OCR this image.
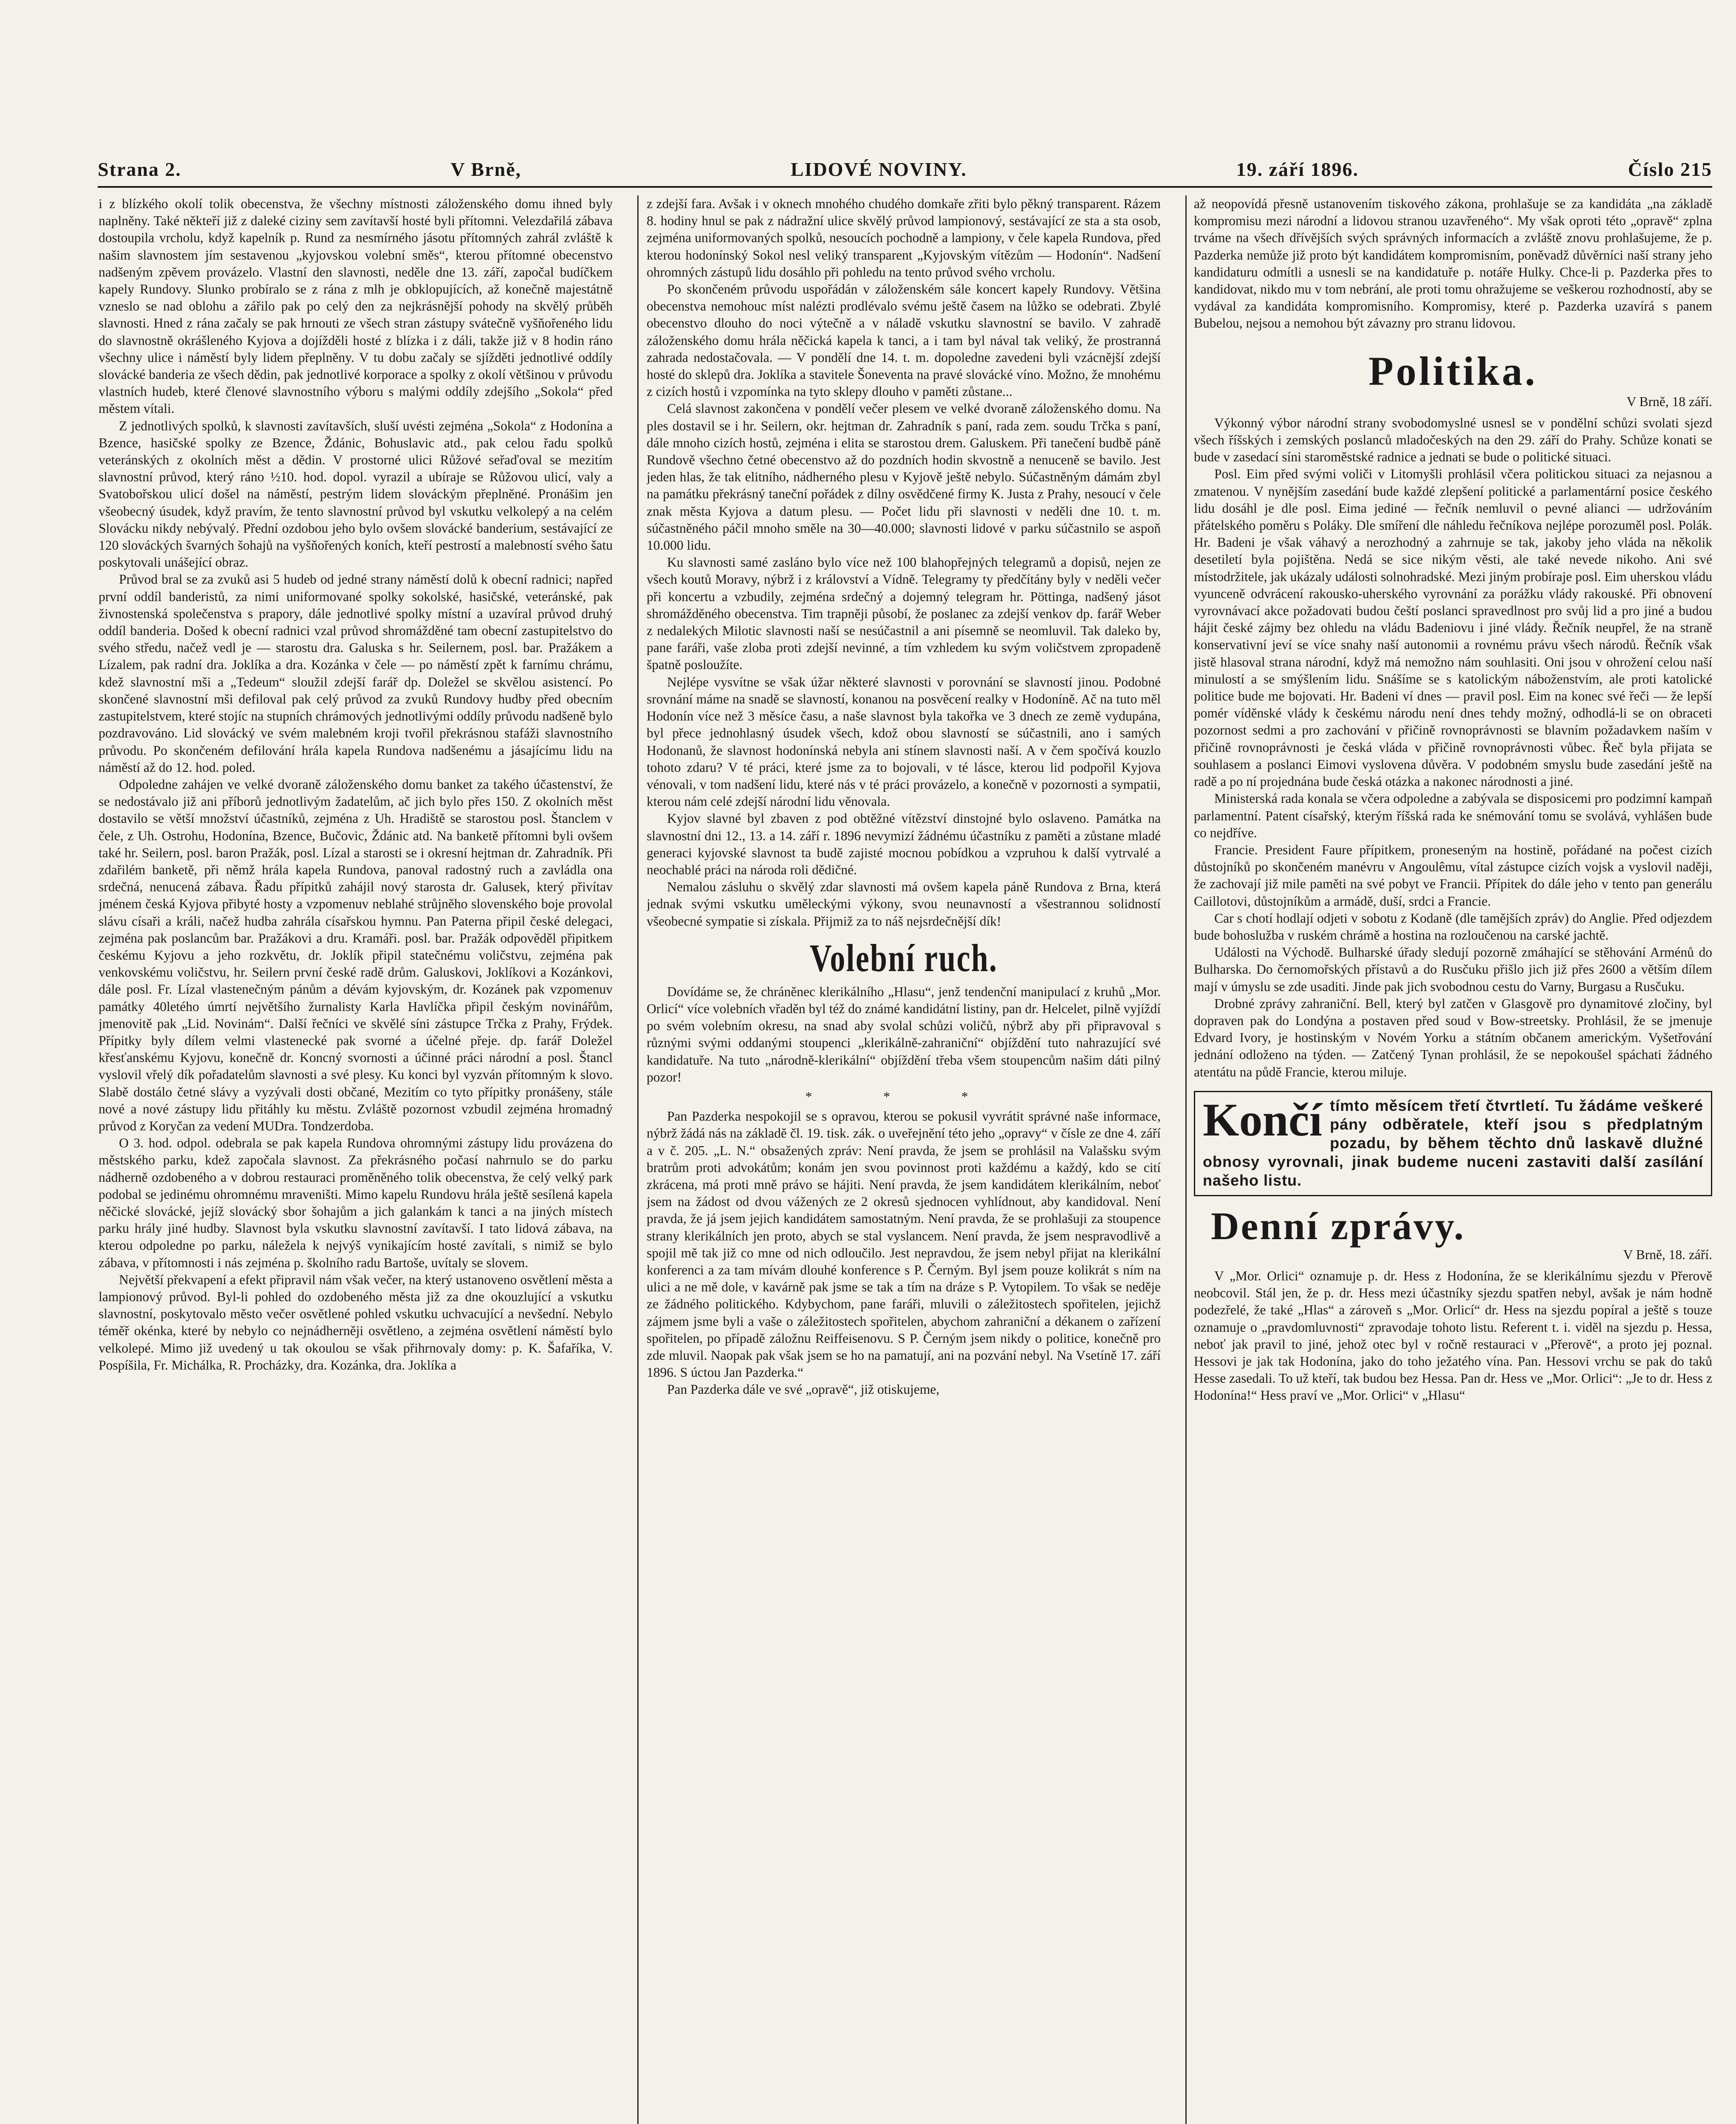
Strana 2.	V Brně,	LIDOVÉ NOVINY.	19. září 1896.	Číslo 215

i z blízkého okolí tolik obecenstva, že všechny místnosti záloženského domu ihned byly naplněny. Také někteří již z daleké ciziny sem zavítavší hosté byli přítomni. Velezdařilá zábava dostoupila vrcholu, když kapelník p. Rund za nesmírného jásotu přítomných zahrál zvláště k našim slavnostem jím sestavenou „kyjovskou volební směs“, kterou přítomné obecenstvo nadšeným zpěvem provázelo. Vlastní den slavnosti, neděle dne 13. září, započal budíčkem kapely Rundovy. Slunko probíralo se z rána z mlh je obklopujících, až konečně majestátně vzneslo se nad oblohu a zářilo pak po celý den za nejkrásnější pohody na skvělý průběh slavnosti. Hned z rána začaly se pak hrnouti ze všech stran zástupy svátečně vyšňořeného lidu do slavnostně okrášleného Kyjova a dojížděli hosté z blízka i z dáli, takže již v 8 hodin ráno všechny ulice i náměstí byly lidem přeplněny. V tu dobu začaly se sjížděti jednotlivé oddíly slovácké banderia ze všech dědin, pak jednotlivé korporace a spolky z okolí většinou v průvodu vlastních hudeb, které členové slavnostního výboru s malými oddíly zdejšího „Sokola“ před městem vítali.

Z jednotlivých spolků, k slavnosti zavítavších, sluší uvésti zejména „Sokola“ z Hodonína a Bzence, hasičské spolky ze Bzence, Ždánic, Bohuslavic atd., pak celou řadu spolků veteránských z okolních měst a dědin. V prostorné ulici Růžové seřaďoval se mezitím slavnostní průvod, který ráno ½10. hod. dopol. vyrazil a ubíraje se Růžovou ulicí, valy a Svatobořskou ulicí došel na náměstí, pestrým lidem slováckým přeplněné. Pronášim jen všeobecný úsudek, když pravím, že tento slavnostní průvod byl vskutku velkolepý a na celém Slovácku nikdy nebývalý. Přední ozdobou jeho bylo ovšem slovácké banderium, sestávající ze 120 slováckých švarných šohajů na vyšňořených koních, kteří pestrostí a malebností svého šatu poskytovali unášející obraz.

Průvod bral se za zvuků asi 5 hudeb od jedné strany náměstí dolů k obecní radnici; napřed první oddíl banderistů, za nimi uniformované spolky sokolské, hasičské, veteránské, pak živnostenská společenstva s prapory, dále jednotlivé spolky místní a uzavíral průvod druhý oddíl banderia. Došed k obecní radnici vzal průvod shromážděné tam obecní zastupitelstvo do svého středu, načež vedl je — starostu dra. Galuska s hr. Seilernem, posl. bar. Pražákem a Lízalem, pak radní dra. Joklíka a dra. Kozánka v čele — po náměstí zpět k farnímu chrámu, kdež slavnostní mši a „Tedeum“ sloužil zdejší farář dp. Doležel se skvělou asistencí. Po skončené slavnostní mši defiloval pak celý průvod za zvuků Rundovy hudby před obecním zastupitelstvem, které stojíc na stupních chrámových jednotlivými oddíly průvodu nadšeně bylo pozdravováno. Lid slovácký ve svém malebném kroji tvořil překrásnou stafáži slavnostního průvodu. Po skončeném defilování hrála kapela Rundova nadšenému a jásajícímu lidu na náměstí až do 12. hod. poled.

Odpoledne zahájen ve velké dvoraně záloženského domu banket za takého účastenství, že se nedostávalo již ani příborů jednotlivým žadatelům, ač jich bylo přes 150. Z okolních měst dostavilo se větší množství účastníků, zejména z Uh. Hradiště se starostou posl. Štanclem v čele, z Uh. Ostrohu, Hodonína, Bzence, Bučovic, Ždánic atd. Na banketě přítomni byli ovšem také hr. Seilern, posl. baron Pražák, posl. Lízal a starosti se i okresní hejtman dr. Zahradník. Při zdařilém banketě, při němž hrála kapela Rundova, panoval radostný ruch a zavládla ona srdečná, nenucená zábava. Řadu přípitků zahájil nový starosta dr. Galusek, který přivítav jménem česká Kyjova přibyté hosty a vzpomenuv neblahé strůjněho slovenského boje provolal slávu císaři a králi, načež hudba zahrála císařskou hymnu. Pan Paterna připil české delegaci, zejména pak poslancům bar. Pražákovi a dru. Kramáři. posl. bar. Pražák odpověděl připitkem českému Kyjovu a jeho rozkvětu, dr. Joklík připil statečnému voličstvu, zejména pak venkovskému voličstvu, hr. Seilern první české radě drům. Galuskovi, Joklíkovi a Kozánkovi, dále posl. Fr. Lízal vlastenečným pánům a dévám kyjovským, dr. Kozánek pak vzpomenuv památky 40letého úmrtí největšího žurnalisty Karla Havlíčka připil českým novinářům, jmenovitě pak „Lid. Novinám“. Další řečníci ve skvělé síni zástupce Trčka z Prahy, Frýdek. Přípitky byly dílem velmi vlastenecké pak svorné a účelné přeje. dp. farář Doležel křesťanskému Kyjovu, konečně dr. Koncný svornosti a účinné práci národní a posl. Štancl vyslovil vřelý dík pořadatelům slavnosti a své plesy. Ku konci byl vyzván přítomným k slovo. Slabě dostálo četné slávy a vyzývali dosti občané, Mezitím co tyto přípitky pronášeny, stále nové a nové zástupy lidu přitáhly ku městu. Zvláště pozornost vzbudil zejména hromadný průvod z Koryčan za vedení MUDra. Tondzerdoba.

O 3. hod. odpol. odebrala se pak kapela Rundova ohromnými zástupy lidu provázena do městského parku, kdež započala slavnost. Za překrásného počasí nahrnulo se do parku nádherně ozdobeného a v dobrou restauraci proměněného tolik obecenstva, že celý velký park podobal se jedinému ohromnému mraveništi. Mimo kapelu Rundovu hrála ještě sesílená kapela něčické slovácké, jejíž slovácký sbor šohajům a jich galankám k tanci a na jiných místech parku hrály jiné hudby. Slavnost byla vskutku slavnostní zavítavší. I tato lidová zábava, na kterou odpoledne po parku, náležela k nejvýš vynikajícím hosté zavítali, s nimiž se bylo zábava, v přítomnosti i nás zejména p. školního radu Bartoše, uvítaly se slovem.

Největší překvapení a efekt připravil nám však večer, na který ustanoveno osvětlení města a lampionový průvod. Byl-li pohled do ozdobeného města již za dne okouzlující a vskutku slavnostní, poskytovalo město večer osvětlené pohled vskutku uchvacující a nevšední. Nebylo téměř okénka, které by nebylo co nejnádherněji osvětleno, a zejména osvětlení náměstí bylo velkolepé. Mimo již uvedený u tak okoulou se však přihrnovaly domy: p. K. Šafaříka, V. Pospíšila, Fr. Michálka, R. Procházky, dra. Kozánka, dra. Joklíka a

z zdejší fara. Avšak i v oknech mnohého chudého domkaře zřiti bylo pěkný transparent. Rázem 8. hodiny hnul se pak z nádražní ulice skvělý průvod lampionový, sestávající ze sta a sta osob, zejména uniformovaných spolků, nesoucích pochodně a lampiony, v čele kapela Rundova, před kterou hodonínský Sokol nesl veliký transparent „Kyjovským vítězům — Hodonín“. Nadšení ohromných zástupů lidu dosáhlo při pohledu na tento průvod svého vrcholu.

Po skončeném průvodu uspořádán v záloženském sále koncert kapely Rundovy. Většina obecenstva nemohouc míst nalézti prodlévalo svému ještě časem na lůžko se odebrati. Zbylé obecenstvo dlouho do noci výtečně a v náladě vskutku slavnostní se bavilo. V zahradě záloženského domu hrála něčická kapela k tanci, a i tam byl nával tak veliký, že prostranná zahrada nedostačovala. — V pondělí dne 14. t. m. dopoledne zavedeni byli vzácnější zdejší hosté do sklepů dra. Joklíka a stavitele Šoneventa na pravé slovácké víno. Možno, že mnohému z cizích hostů i vzpomínka na tyto sklepy dlouho v paměti zůstane...

Celá slavnost zakončena v pondělí večer plesem ve velké dvoraně záloženského domu. Na ples dostavil se i hr. Seilern, okr. hejtman dr. Zahradník s paní, rada zem. soudu Trčka s paní, dále mnoho cizích hostů, zejména i elita se starostou drem. Galuskem. Při tanečení budbě páně Rundově všechno četné obecenstvo až do pozdních hodin skvostně a nenuceně se bavilo. Jest jeden hlas, že tak elitního, nádherného plesu v Kyjově ještě nebylo. Súčastněným dámám zbyl na památku překrásný taneční pořádek z dílny osvědčené firmy K. Justa z Prahy, nesoucí v čele znak města Kyjova a datum plesu. — Počet lidu při slavnosti v neděli dne 10. t. m. súčastněného páčil mnoho směle na 30—40.000; slavnosti lidové v parku súčastnilo se aspoň 10.000 lidu.

Ku slavnosti samé zasláno bylo více než 100 blahopřejných telegramů a dopisů, nejen ze všech koutů Moravy, nýbrž i z království a Vídně. Telegramy ty předčítány byly v neděli večer při koncertu a vzbudily, zejména srdečný a dojemný telegram hr. Pöttinga, nadšený jásot shromážděného obecenstva. Tim trapněji působí, že poslanec za zdejší venkov dp. farář Weber z nedalekých Milotic slavnosti naší se nesúčastnil a ani písemně se neomluvil. Tak daleko by, pane faráři, vaše zloba proti zdejší nevinné, a tím vzhledem ku svým voličstvem zpropadeně špatně posloužíte.

Nejlépe vysvítne se však úžar některé slavnosti v porovnání se slavností jinou. Podobné srovnání máme na snadě se slavností, konanou na posvěcení realky v Hodoníně. Ač na tuto měl Hodonín více než 3 měsíce času, a naše slavnost byla takořka ve 3 dnech ze země vydupána, byl přece jednohlasný úsudek všech, kdož obou slavností se súčastnili, ano i samých Hodonanů, že slavnost hodonínská nebyla ani stínem slavnosti naší. A v čem spočívá kouzlo tohoto zdaru? V té práci, které jsme za to bojovali, v té lásce, kterou lid podpořil Kyjova vénovali, v tom nadšení lidu, které nás v té práci provázelo, a konečně v pozornosti a sympatii, kterou nám celé zdejší národní lidu věnovala.

Kyjov slavné byl zbaven z pod obtěžné vítězství dinstojné bylo oslaveno. Památka na slavnostní dni 12., 13. a 14. září r. 1896 nevymizí žádnému účastníku z paměti a zůstane mladé generaci kyjovské slavnost ta budě zajisté mocnou pobídkou a vzpruhou k další vytrvalé a neochablé práci na národa roli dědičné.

Nemalou zásluhu o skvělý zdar slavnosti má ovšem kapela páně Rundova z Brna, která jednak svými vskutku uměleckými výkony, svou neunavností a všestrannou solidností všeobecné sympatie si získala. Přijmiž za to náš nejsrdečnější dík!

Volební ruch.

Dovídáme se, že chráněnec klerikálního „Hlasu“, jenž tendenční manipulací z kruhů „Mor. Orlicí“ více volebních vřaděn byl též do známé kandidátní listiny, pan dr. Helcelet, pilně vyjíždí po svém volebním okresu, na snad aby svolal schůzi voličů, nýbrž aby při připravoval s různými svými oddanými stoupenci „klerikálně-zahraniční“ objíždění tuto nahrazující své kandidatuře. Na tuto „národně-klerikální“ objíždění třeba všem stoupencům našim dáti pilný pozor!

* * *

Pan Pazderka nespokojil se s opravou, kterou se pokusil vyvrátit správné naše informace, nýbrž žádá nás na základě čl. 19. tisk. zák. o uveřejnění této jeho „opravy“ v čísle ze dne 4. září a v č. 205. „L. N.“ obsažených zpráv: Není pravda, že jsem se prohlásil na Valašsku svým bratrům proti advokátům; konám jen svou povinnost proti každému a každý, kdo se cití zkrácena, má proti mně právo se hájiti. Není pravda, že jsem kandidátem klerikálním, neboť jsem na žádost od dvou vážených ze 2 okresů sjednocen vyhlídnout, aby kandidoval. Není pravda, že já jsem jejich kandidátem samostatným. Není pravda, že se prohlašuji za stoupence strany klerikálních jen proto, abych se stal vyslancem. Není pravda, že jsem nespravodlivě a spojil mě tak již co mne od nich odloučilo. Jest nepravdou, že jsem nebyl přijat na klerikální konferenci a za tam mívám dlouhé konference s P. Černým. Byl jsem pouze kolikrát s ním na ulici a ne mě dole, v kavárně pak jsme se tak a tím na dráze s P. Vytopilem. To však se neděje ze žádného politického. Kdybychom, pane faráři, mluvili o záležitostech spořitelen, jejichž zájmem jsme byli a vaše o záležitostech spořitelen, abychom zahraniční a dékanem o zařízení spořitelen, po případě záložnu Reiffeisenovu. S P. Černým jsem nikdy o politice, konečně pro zde mluvil. Naopak pak však jsem se ho na pamatují, ani na pozvání nebyl. Na Vsetíně 17. září 1896. S úctou Jan Pazderka.“

Pan Pazderka dále ve své „opravě“, již otiskujeme,

až neopovídá přesně ustanovením tiskového zákona, prohlašuje se za kandidáta „na základě kompromisu mezi národní a lidovou stranou uzavřeného“. My však oproti této „opravě“ zplna trváme na všech dřívějších svých správných informacích a zvláště znovu prohlašujeme, že p. Pazderka nemůže již proto být kandidátem kompromisním, poněvadž důvěrníci naší strany jeho kandidaturu odmítli a usnesli se na kandidatuře p. notáře Hulky. Chce-li p. Pazderka přes to kandidovat, nikdo mu v tom nebrání, ale proti tomu ohražujeme se veškerou rozhodností, aby se vydával za kandidáta kompromisního. Kompromisy, které p. Pazderka uzavírá s panem Bubelou, nejsou a nemohou být závazny pro stranu lidovou.

Politika.
V Brně, 18 září.

Výkonný výbor národní strany svobodomyslné usnesl se v pondělní schůzi svolati sjezd všech říšských i zemských poslanců mladočeských na den 29. září do Prahy. Schůze konati se bude v zasedací síni staroměstské radnice a jednati se bude o politické situaci.

Posl. Eim před svými voliči v Litomyšli prohlásil včera politickou situaci za nejasnou a zmatenou. V nynějším zasedání bude každé zlepšení politické a parlamentární posice českého lidu dosáhl je dle posl. Eima jediné — řečník nemluvil o pevné alianci — udržováním přátelského poměru s Poláky. Dle smíření dle náhledu řečníkova nejlépe porozuměl posl. Polák. Hr. Badeni je však váhavý a nerozhodný a zahrnuje se tak, jakoby jeho vláda na několik desetiletí byla pojištěna. Nedá se sice nikým věsti, ale také nevede nikoho. Ani své místodržitele, jak ukázaly události solnohradské. Mezi jiným probíraje posl. Eim uherskou vládu vyunceně odvrácení rakousko-uherského vyrovnání za porážku vlády rakouské. Při obnovení vyrovnávací akce požadovati budou čeští poslanci spravedlnost pro svůj lid a pro jiné a budou hájit české zájmy bez ohledu na vládu Badeniovu i jiné vlády. Řečník neupřel, že na straně konservativní jeví se více snahy naší autonomii a rovnému právu všech národů. Řečník však jistě hlasoval strana národní, když má nemožno nám souhlasiti. Oni jsou v ohrožení celou naší minulostí a se smýšlením lidu. Snášíme se s katolickým náboženstvím, ale proti katolické politice bude me bojovati. Hr. Badeni ví dnes — pravil posl. Eim na konec své řeči — že lepší pomér víděnské vlády k českému národu není dnes tehdy možný, odhodlá-li se on obraceti pozornost sedmi a pro zachování v přičině rovnoprávnosti se blavním požadavkem naším v přičině rovnoprávnosti je česká vláda v přičině rovnoprávnosti vůbec. Řeč byla přijata se souhlasem a poslanci Eimovi vyslovena důvěra. V podobném smyslu bude zasedání ještě na radě a po ní projednána bude česká otázka a nakonec národnosti a jiné.

Ministerská rada konala se včera odpoledne a zabývala se disposicemi pro podzimní kampaň parlamentní. Patent císařský, kterým říšská rada ke snémování tomu se svolává, vyhlášen bude co nejdříve.

Francie. President Faure přípitkem, proneseným na hostině, pořádané na počest cizích důstojníků po skončeném manévru v Angoulêmu, vítal zástupce cizích vojsk a vyslovil naději, že zachovají již mile paměti na své pobyt ve Francii. Přípitek do dále jeho v tento pan generálu Caillotovi, důstojníkům a armádě, duší, srdci a Francie.

Car s chotí hodlají odjeti v sobotu z Kodaně (dle tamějších zpráv) do Anglie. Před odjezdem bude bohoslužba v ruském chrámě a hostina na rozloučenou na carské jachtě.

Události na Východě. Bulharské úřady sledují pozorně zmáhající se stěhování Arménů do Bulharska. Do černomořských přístavů a do Rusčuku přišlo jich již přes 2600 a větším dílem mají v úmyslu se zde usaditi. Jinde pak jich svobodnou cestu do Varny, Burgasu a Rusčuku.

Drobné zprávy zahraniční. Bell, který byl zatčen v Glasgově pro dynamitové zločiny, byl dopraven pak do Londýna a postaven před soud v Bow-streetsky. Prohlásil, že se jmenuje Edvard Ivory, je hostinským v Novém Yorku a státním občanem americkým. Vyšetřování jednání odloženo na týden. — Zatčený Tynan prohlásil, že se nepokoušel spáchati žádného atentátu na půdě Francie, kterou miluje.

Končí tímto měsícem třetí čtvrtletí. Tu žádáme veškeré pány odběratele, kteří jsou s předplatným pozadu, by během těchto dnů laskavě dlužné obnosy vyrovnali, jinak budeme nuceni zastaviti další zasílání našeho listu.
Denní zprávy.
V Brně, 18. září.

V „Mor. Orlici“ oznamuje p. dr. Hess z Hodonína, že se klerikálnímu sjezdu v Přerově neobcovil. Stál jen, že p. dr. Hess mezi účastníky sjezdu spatřen nebyl, avšak je nám hodně podezřelé, že také „Hlas“ a zároveň s „Mor. Orlicí“ dr. Hess na sjezdu popíral a ještě s touze oznamuje o „pravdomluvnosti“ zpravodaje tohoto listu. Referent t. i. viděl na sjezdu p. Hessa, neboť jak pravil to jiné, jehož otec byl v ročně restauraci v „Přerově“, a proto jej poznal. Hessovi je jak tak Hodonína, jako do toho ježatého vína. Pan. Hessovi vrchu se pak do taků Hesse zasedali. To už kteří, tak budou bez Hessa. Pan dr. Hess ve „Mor. Orlici“: „Je to dr. Hess z Hodonína!“ Hess praví ve „Mor. Orlici“ v „Hlasu“
